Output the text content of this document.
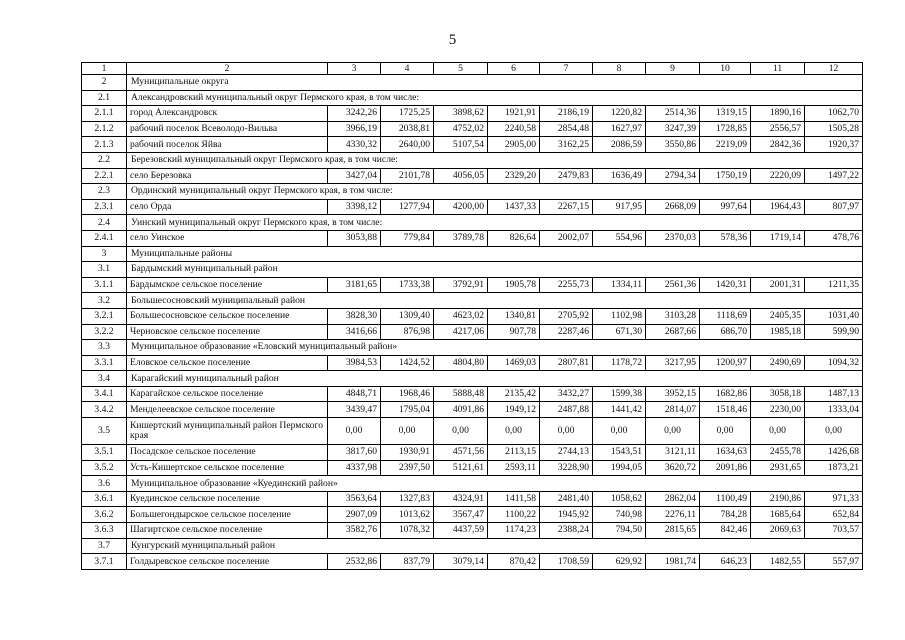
5
1	2	3	4	5	6	7	8	9	10	11	12
2	Муниципальные округа										
2.1	Александровский муниципальный округ Пермского края, в том числе:										
2.1.1	город Александровск	3242,26	1725,25	3898,62	1921,91	2186,19	1220,82	2514,36	1319,15	1890,16	1062,70
2.1.2	рабочий поселок Всеволодо-Вильва	3966,19	2038,81	4752,02	2240,58	2854,48	1627,97	3247,39	1728,85	2556,57	1505,28
2.1.3	рабочий поселок Яйва	4330,32	2640,00	5107,54	2905,00	3162,25	2086,59	3550,86	2219,09	2842,36	1920,37
2.2	Березовский муниципальный округ Пермского края, в том числе:										
2.2.1	село Березовка	3427,04	2101,78	4056,05	2329,20	2479,83	1636,49	2794,34	1750,19	2220,09	1497,22
2.3	Ординский муниципальный округ Пермского края, в том числе:										
2.3.1	село Орда	3398,12	1277,94	4200,00	1437,33	2267,15	917,95	2668,09	997,64	1964,43	807,97
2.4	Уинский муниципальный округ Пермского края, в том числе:										
2.4.1	село Уинское	3053,88	779,84	3789,78	826,64	2002,07	554,96	2370,03	578,36	1719,14	478,76
3	Муниципальные районы										
3.1	Бардымский муниципальный район										
3.1.1	Бардымское сельское поселение	3181,65	1733,38	3792,91	1905,78	2255,73	1334,11	2561,36	1420,31	2001,31	1211,35
3.2	Большесосновский муниципальный район										
3.2.1	Большесосновское сельское поселение	3828,30	1309,40	4623,02	1340,81	2705,92	1102,98	3103,28	1118,69	2405,35	1031,40
3.2.2	Черновское сельское поселение	3416,66	876,98	4217,06	907,78	2287,46	671,30	2687,66	686,70	1985,18	599,90
3.3	Муниципальное образование «Еловский муниципальный район»										
3.3.1	Еловское сельское поселение	3984,53	1424,52	4804,80	1469,03	2807,81	1178,72	3217,95	1200,97	2490,69	1094,32
3.4	Карагайский муниципальный район										
3.4.1	Карагайское сельское поселение	4848,71	1968,46	5888,48	2135,42	3432,27	1599,38	3952,15	1682,86	3058,18	1487,13
3.4.2	Менделеевское сельское поселение	3439,47	1795,04	4091,86	1949,12	2487,88	1441,42	2814,07	1518,46	2230,00	1333,04
3.5	Кишертский муниципальный район Пермского края	0,00	0,00	0,00	0,00	0,00	0,00	0,00	0,00	0,00	0,00
3.5.1	Посадское сельское поселение	3817,60	1930,91	4571,56	2113,15	2744,13	1543,51	3121,11	1634,63	2455,78	1426,68
3.5.2	Усть-Кишертское сельское поселение	4337,98	2397,50	5121,61	2593,11	3228,90	1994,05	3620,72	2091,86	2931,65	1873,21
3.6	Муниципальное образование «Куединский район»										
3.6.1	Куединское сельское поселение	3563,64	1327,83	4324,91	1411,58	2481,40	1058,62	2862,04	1100,49	2190,86	971,33
3.6.2	Большегондырское сельское поселение	2907,09	1013,62	3567,47	1100,22	1945,92	740,98	2276,11	784,28	1685,64	652,84
3.6.3	Шагиртское сельское поселение	3582,76	1078,32	4437,59	1174,23	2388,24	794,50	2815,65	842,46	2069,63	703,57
3.7	Кунгурский муниципальный район										
3.7.1	Голдыревское сельское поселение	2532,86	837,79	3079,14	870,42	1708,59	629,92	1981,74	646,23	1482,55	557,97
